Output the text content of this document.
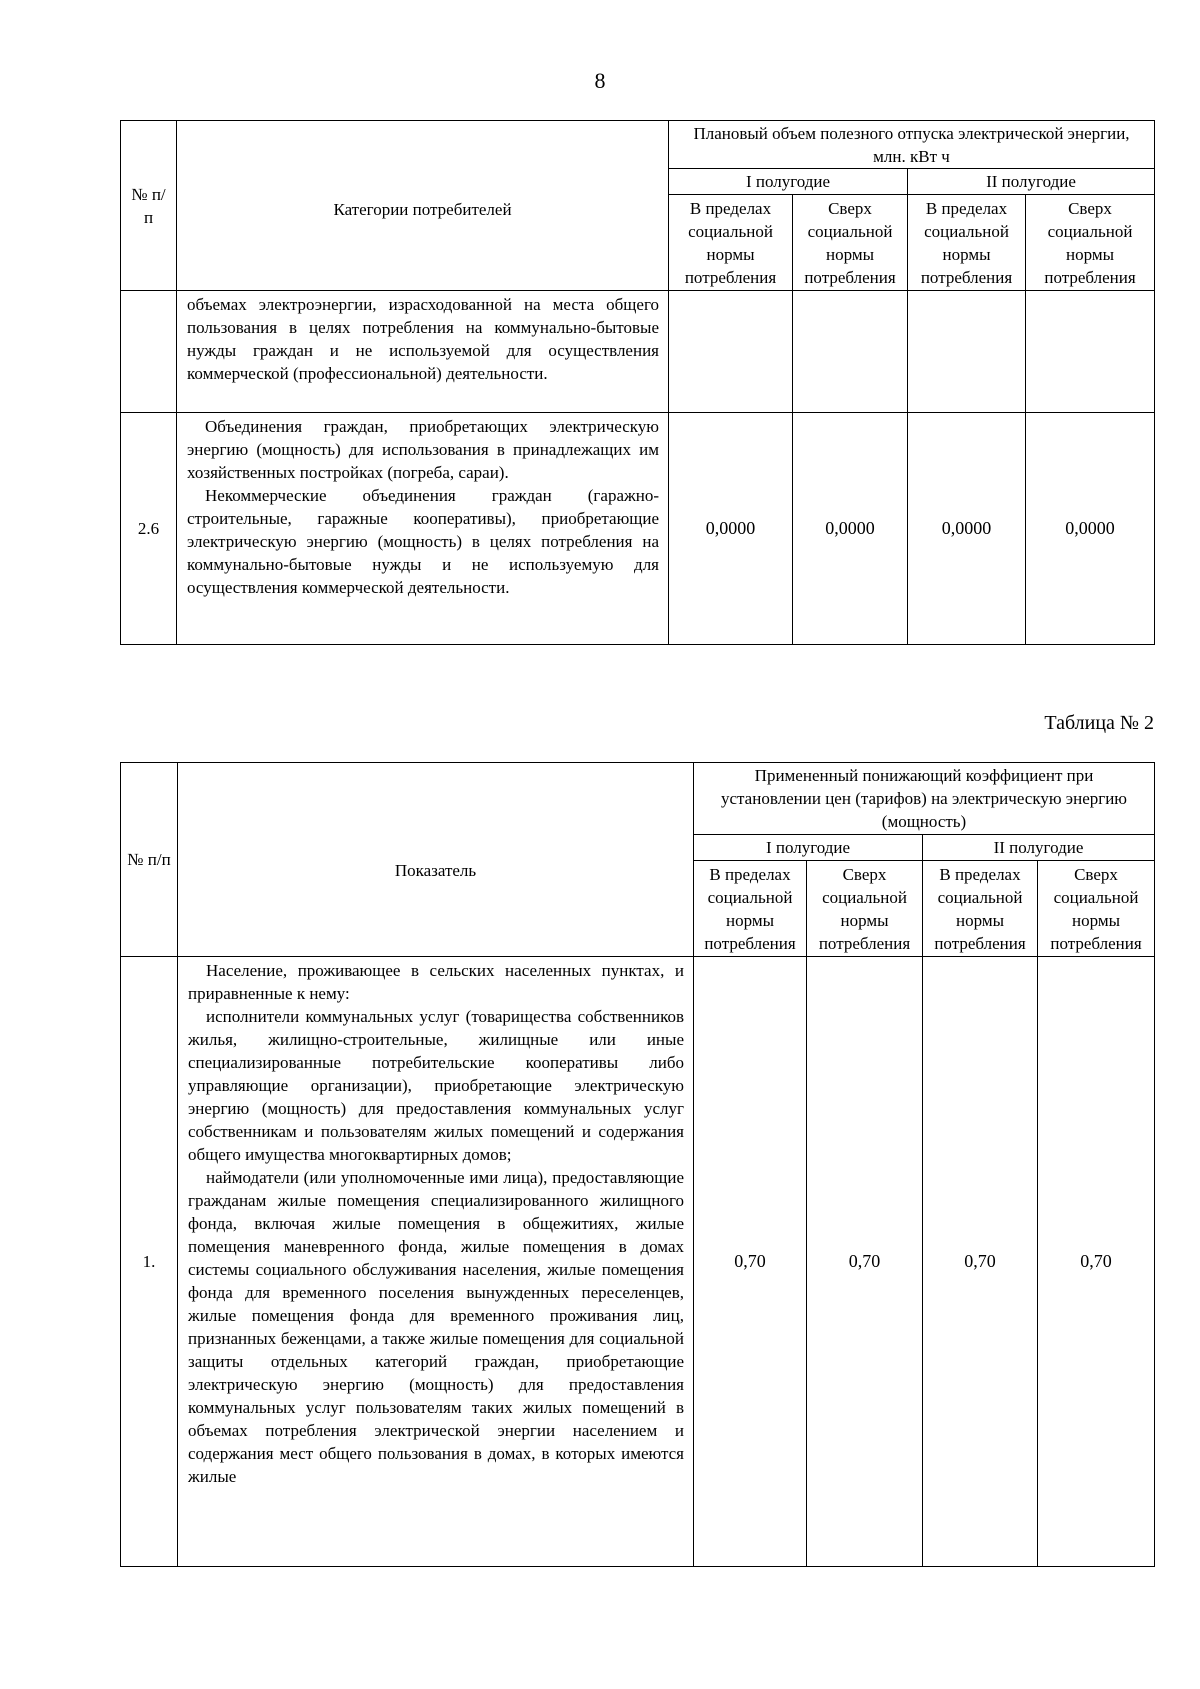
8
№ п/п	Категории потребителей	Плановый объем полезного отпуска электрической энергии, млн. кВт ч			
		I полугодие		II полугодие	
		В пределах социальной нормы потребления	Сверх социальной нормы потребления	В пределах социальной нормы потребления	Сверх социальной нормы потребления

	объемах электроэнергии, израсходованной на места общего пользования в целях потребления на коммунально-бытовые нужды граждан и не используемой для осуществления коммерческой (профессиональной) деятельности.				

2.6	Объединения граждан, приобретающих электрическую энергию (мощность) для использования в принадлежащих им хозяйственных постройках (погреба, сараи).

Некоммерческие объединения граждан (гаражно-строительные, гаражные кооперативы), приобретающие электрическую энергию (мощность) в целях потребления на коммунально-бытовые нужды и не используемую для осуществления коммерческой деятельности.	0,0000	0,0000	0,0000	0,0000
Таблица № 2
№ п/п	Показатель	Примененный понижающий коэффициент при установлении цен (тарифов) на электрическую энергию (мощность)			
		I полугодие		II полугодие	
		В пределах социальной нормы потребления	Сверх социальной нормы потребления	В пределах социальной нормы потребления	Сверх социальной нормы потребления
1.	Население, проживающее в сельских населенных пунктах, и приравненные к нему:

исполнители коммунальных услуг (товарищества собственников жилья, жилищно-строительные, жилищные или иные специализированные потребительские кооперативы либо управляющие организации), приобретающие электрическую энергию (мощность) для предоставления коммунальных услуг собственникам и пользователям жилых помещений и содержания общего имущества многоквартирных домов;

наймодатели (или уполномоченные ими лица), предоставляющие гражданам жилые помещения специализированного жилищного фонда, включая жилые помещения в общежитиях, жилые помещения маневренного фонда, жилые помещения в домах системы социального обслуживания населения, жилые помещения фонда для временного поселения вынужденных переселенцев, жилые помещения фонда для временного проживания лиц, признанных беженцами, а также жилые помещения для социальной защиты отдельных категорий граждан, приобретающие электрическую энергию (мощность) для предоставления коммунальных услуг пользователям таких жилых помещений в объемах потребления электрической энергии населением и содержания мест общего пользования в домах, в которых имеются жилые	0,70	0,70	0,70	0,70
